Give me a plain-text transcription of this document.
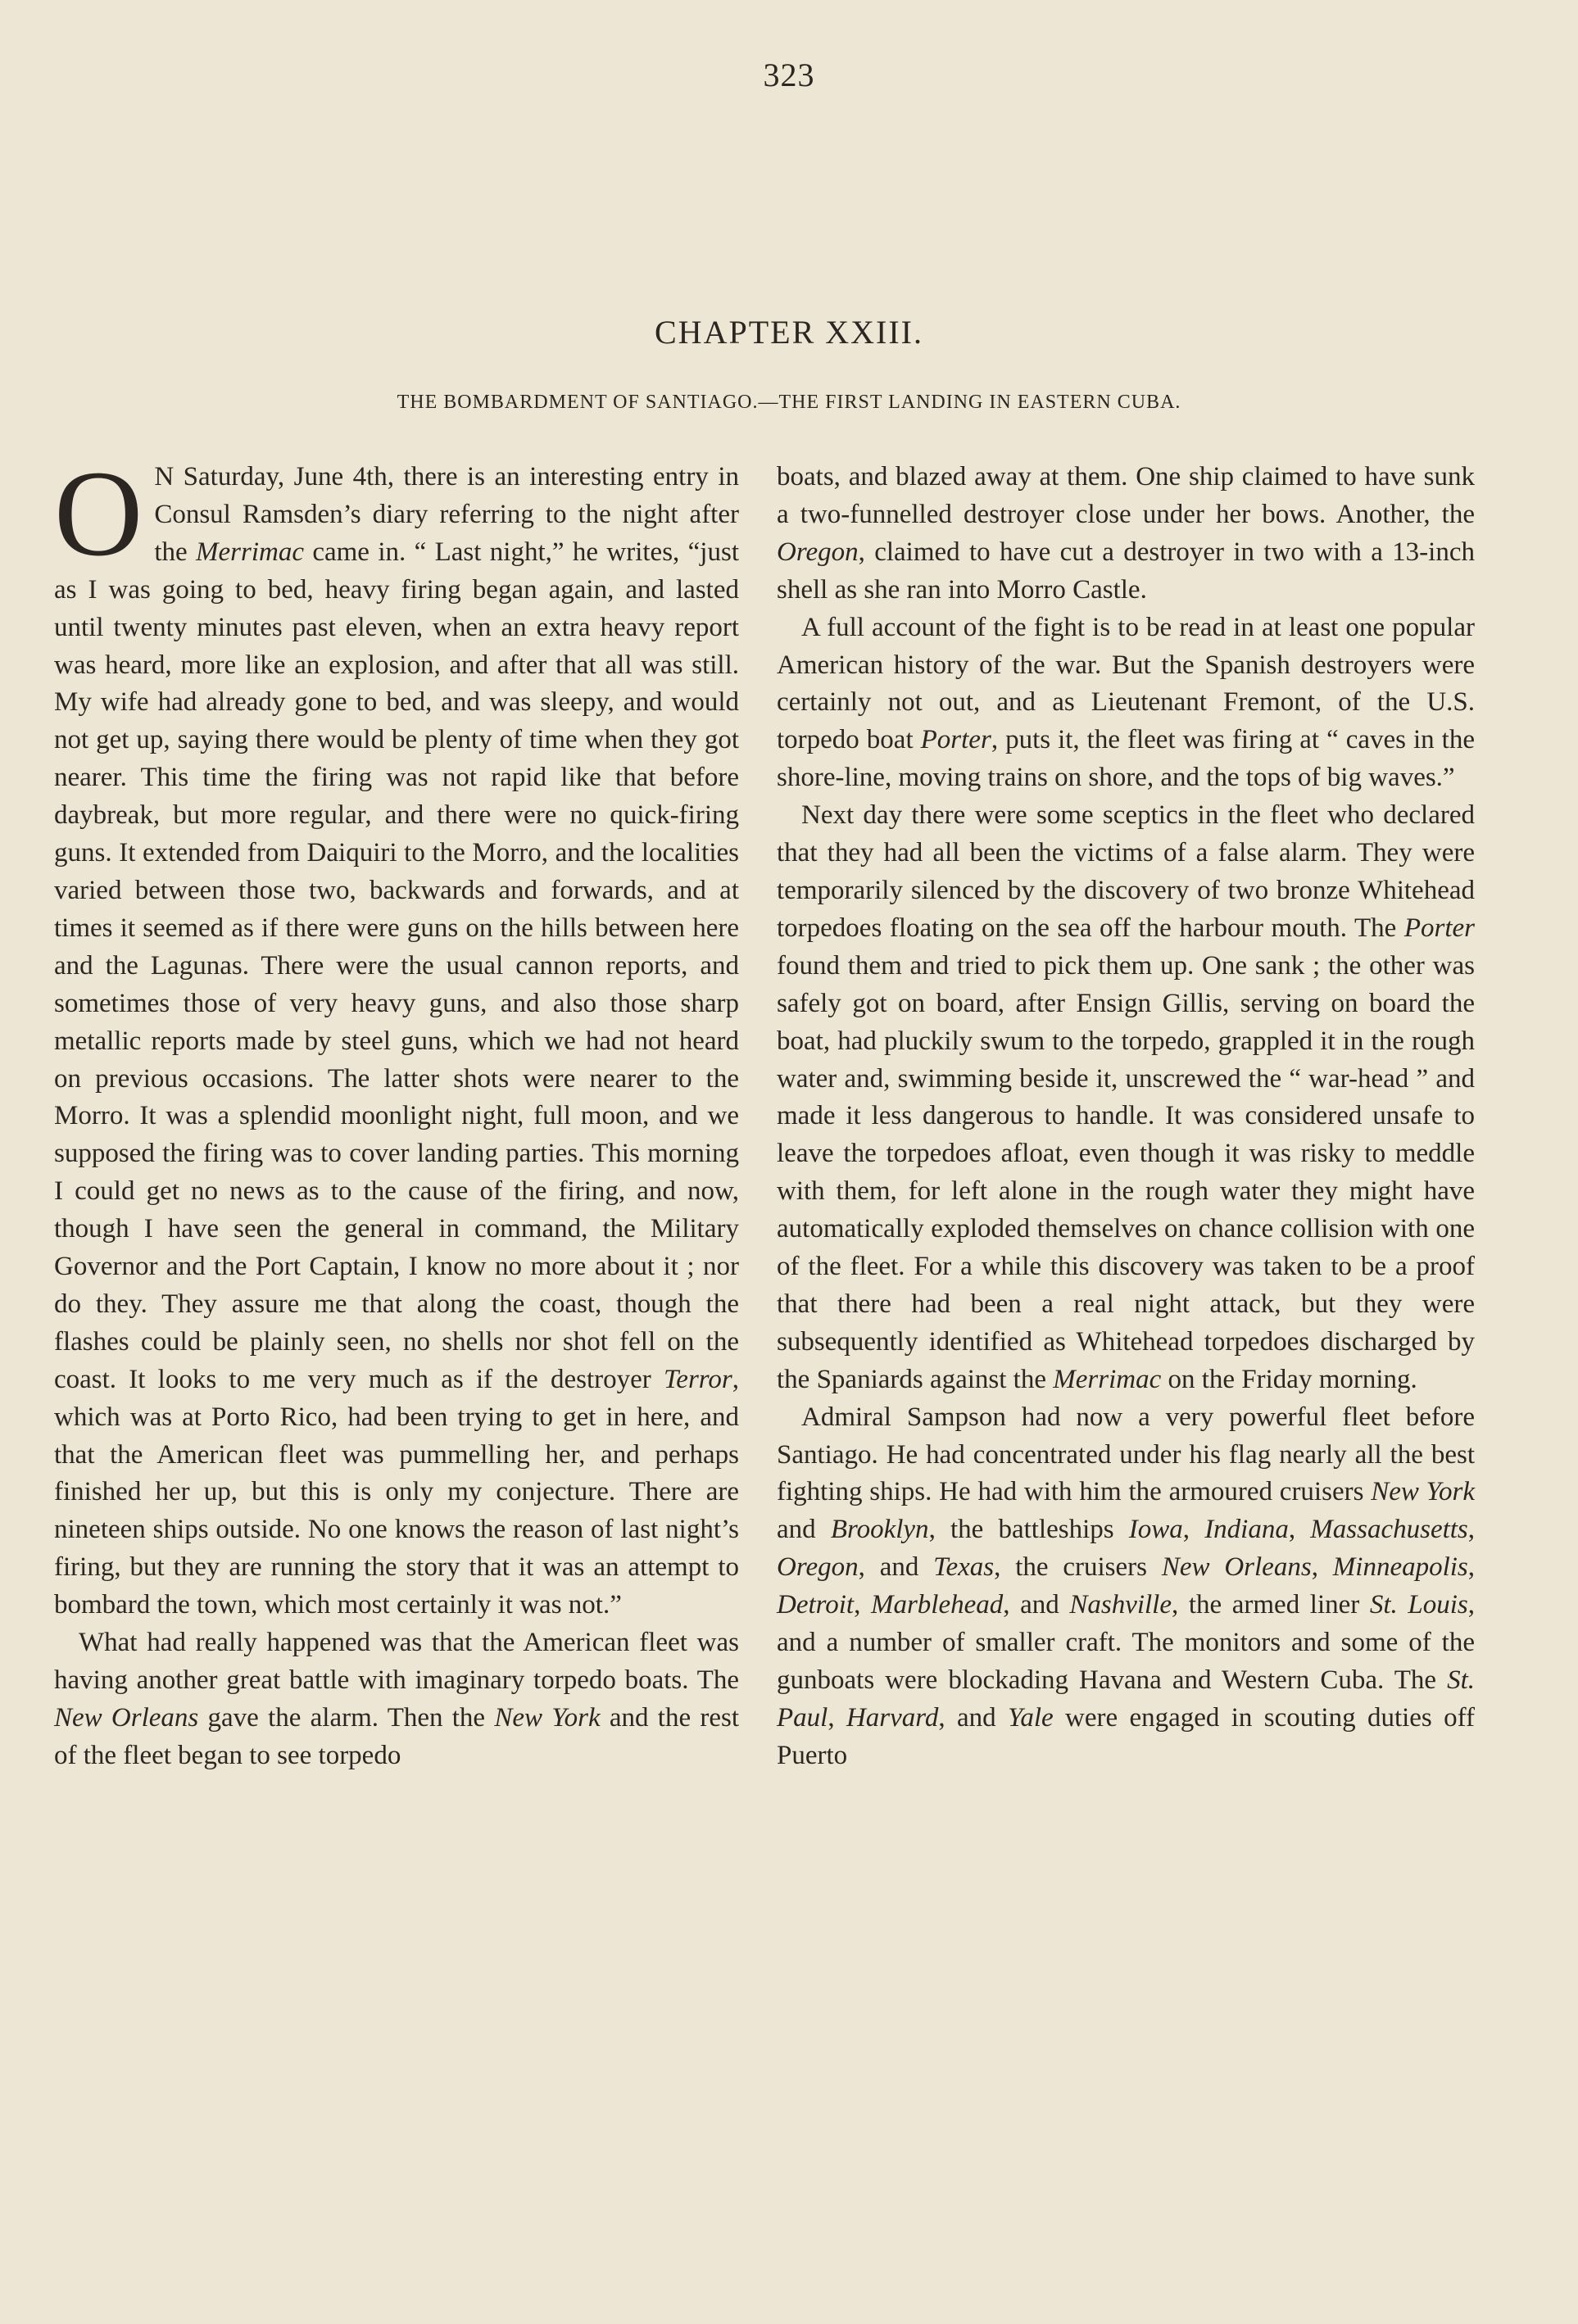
323
CHAPTER XXIII.
THE BOMBARDMENT OF SANTIAGO.—THE FIRST LANDING IN EASTERN CUBA.

O N Saturday, June 4th, there is an interesting entry in Consul Ramsden’s diary referring to the night after the Merrimac came in. “ Last night,” he writes, “just as I was going to bed, heavy firing began again, and lasted until twenty minutes past eleven, when an extra heavy report was heard, more like an explosion, and after that all was still. My wife had already gone to bed, and was sleepy, and would not get up, saying there would be plenty of time when they got nearer. This time the firing was not rapid like that before daybreak, but more regular, and there were no quick-firing guns. It extended from Daiquiri to the Morro, and the localities varied between those two, backwards and forwards, and at times it seemed as if there were guns on the hills between here and the Lagunas. There were the usual cannon reports, and sometimes those of very heavy guns, and also those sharp metallic reports made by steel guns, which we had not heard on previous occasions. The latter shots were nearer to the Morro. It was a splendid moonlight night, full moon, and we supposed the firing was to cover landing parties. This morning I could get no news as to the cause of the firing, and now, though I have seen the general in command, the Military Governor and the Port Captain, I know no more about it ; nor do they. They assure me that along the coast, though the flashes could be plainly seen, no shells nor shot fell on the coast. It looks to me very much as if the destroyer Terror, which was at Porto Rico, had been trying to get in here, and that the American fleet was pummelling her, and perhaps finished her up, but this is only my conjecture. There are nineteen ships outside. No one knows the reason of last night’s firing, but they are running the story that it was an attempt to bombard the town, which most certainly it was not.”

What had really happened was that the American fleet was having another great battle with imaginary torpedo boats. The New Orleans gave the alarm. Then the New York and the rest of the fleet began to see torpedo

boats, and blazed away at them. One ship claimed to have sunk a two-funnelled destroyer close under her bows. Another, the Oregon, claimed to have cut a destroyer in two with a 13-inch shell as she ran into Morro Castle.

A full account of the fight is to be read in at least one popular American history of the war. But the Spanish destroyers were certainly not out, and as Lieutenant Fremont, of the U.S. torpedo boat Porter, puts it, the fleet was firing at “ caves in the shore-line, moving trains on shore, and the tops of big waves.”

Next day there were some sceptics in the fleet who declared that they had all been the victims of a false alarm. They were temporarily silenced by the discovery of two bronze Whitehead torpedoes floating on the sea off the harbour mouth. The Porter found them and tried to pick them up. One sank ; the other was safely got on board, after Ensign Gillis, serving on board the boat, had pluckily swum to the torpedo, grappled it in the rough water and, swimming beside it, unscrewed the “ war-head ” and made it less dangerous to handle. It was considered unsafe to leave the torpedoes afloat, even though it was risky to meddle with them, for left alone in the rough water they might have automatically exploded themselves on chance collision with one of the fleet. For a while this discovery was taken to be a proof that there had been a real night attack, but they were subsequently identified as Whitehead torpedoes discharged by the Spaniards against the Merrimac on the Friday morning.

Admiral Sampson had now a very powerful fleet before Santiago. He had concentrated under his flag nearly all the best fighting ships. He had with him the armoured cruisers New York and Brooklyn, the battleships Iowa, Indiana, Massachusetts, Oregon, and Texas, the cruisers New Orleans, Minneapolis, Detroit, Marblehead, and Nashville, the armed liner St. Louis, and a number of smaller craft. The monitors and some of the gunboats were blockading Havana and Western Cuba. The St. Paul, Harvard, and Yale were engaged in scouting duties off Puerto
